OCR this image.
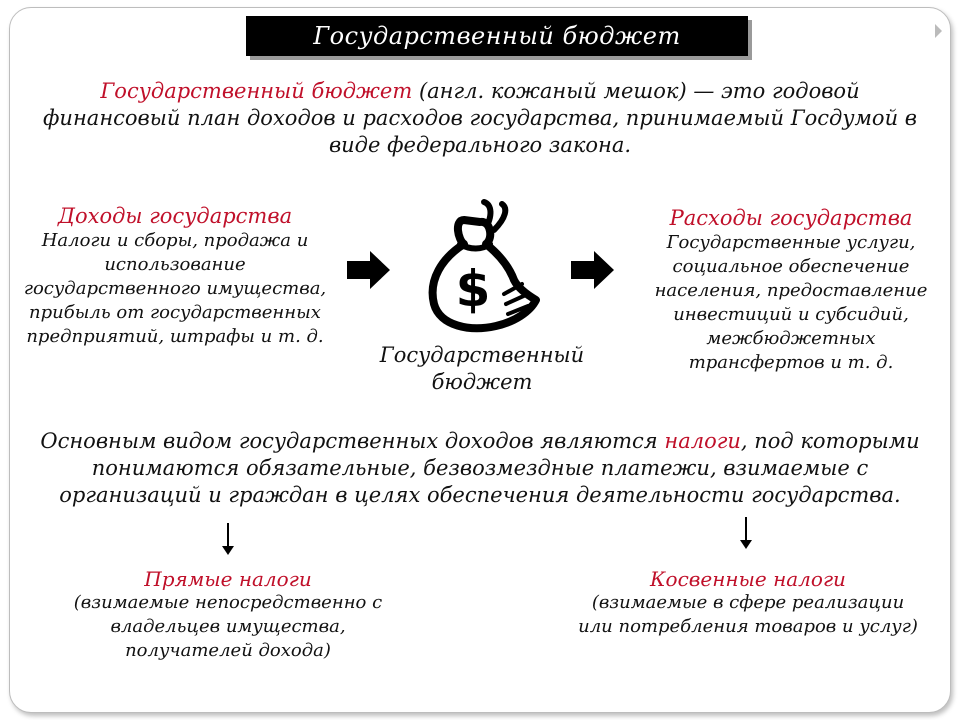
Государственный бюджет
Государственный бюджет (англ. кожаный мешок) — это годовой финансовый план доходов и расходов государства, принимаемый Госдумой в виде федерального закона.
Доходы государства
Налоги и сборы, продажа и использование государственного имущества, прибыль от государственных предприятий, штрафы и т. д.
$
Государственный бюджет
Расходы государства
Государственные услуги, социальное обеспечение населения, предоставление инвестиций и субсидий, межбюджетных трансфертов и т. д.
Основным видом государственных доходов являются налоги, под которыми понимаются обязательные, безвозмездные платежи, взимаемые с организаций и граждан в целях обеспечения деятельности государства.
Прямые налоги
(взимаемые непосредственно с владельцев имущества, получателей дохода)
Косвенные налоги
(взимаемые в сфере реализации или потребления товаров и услуг)
